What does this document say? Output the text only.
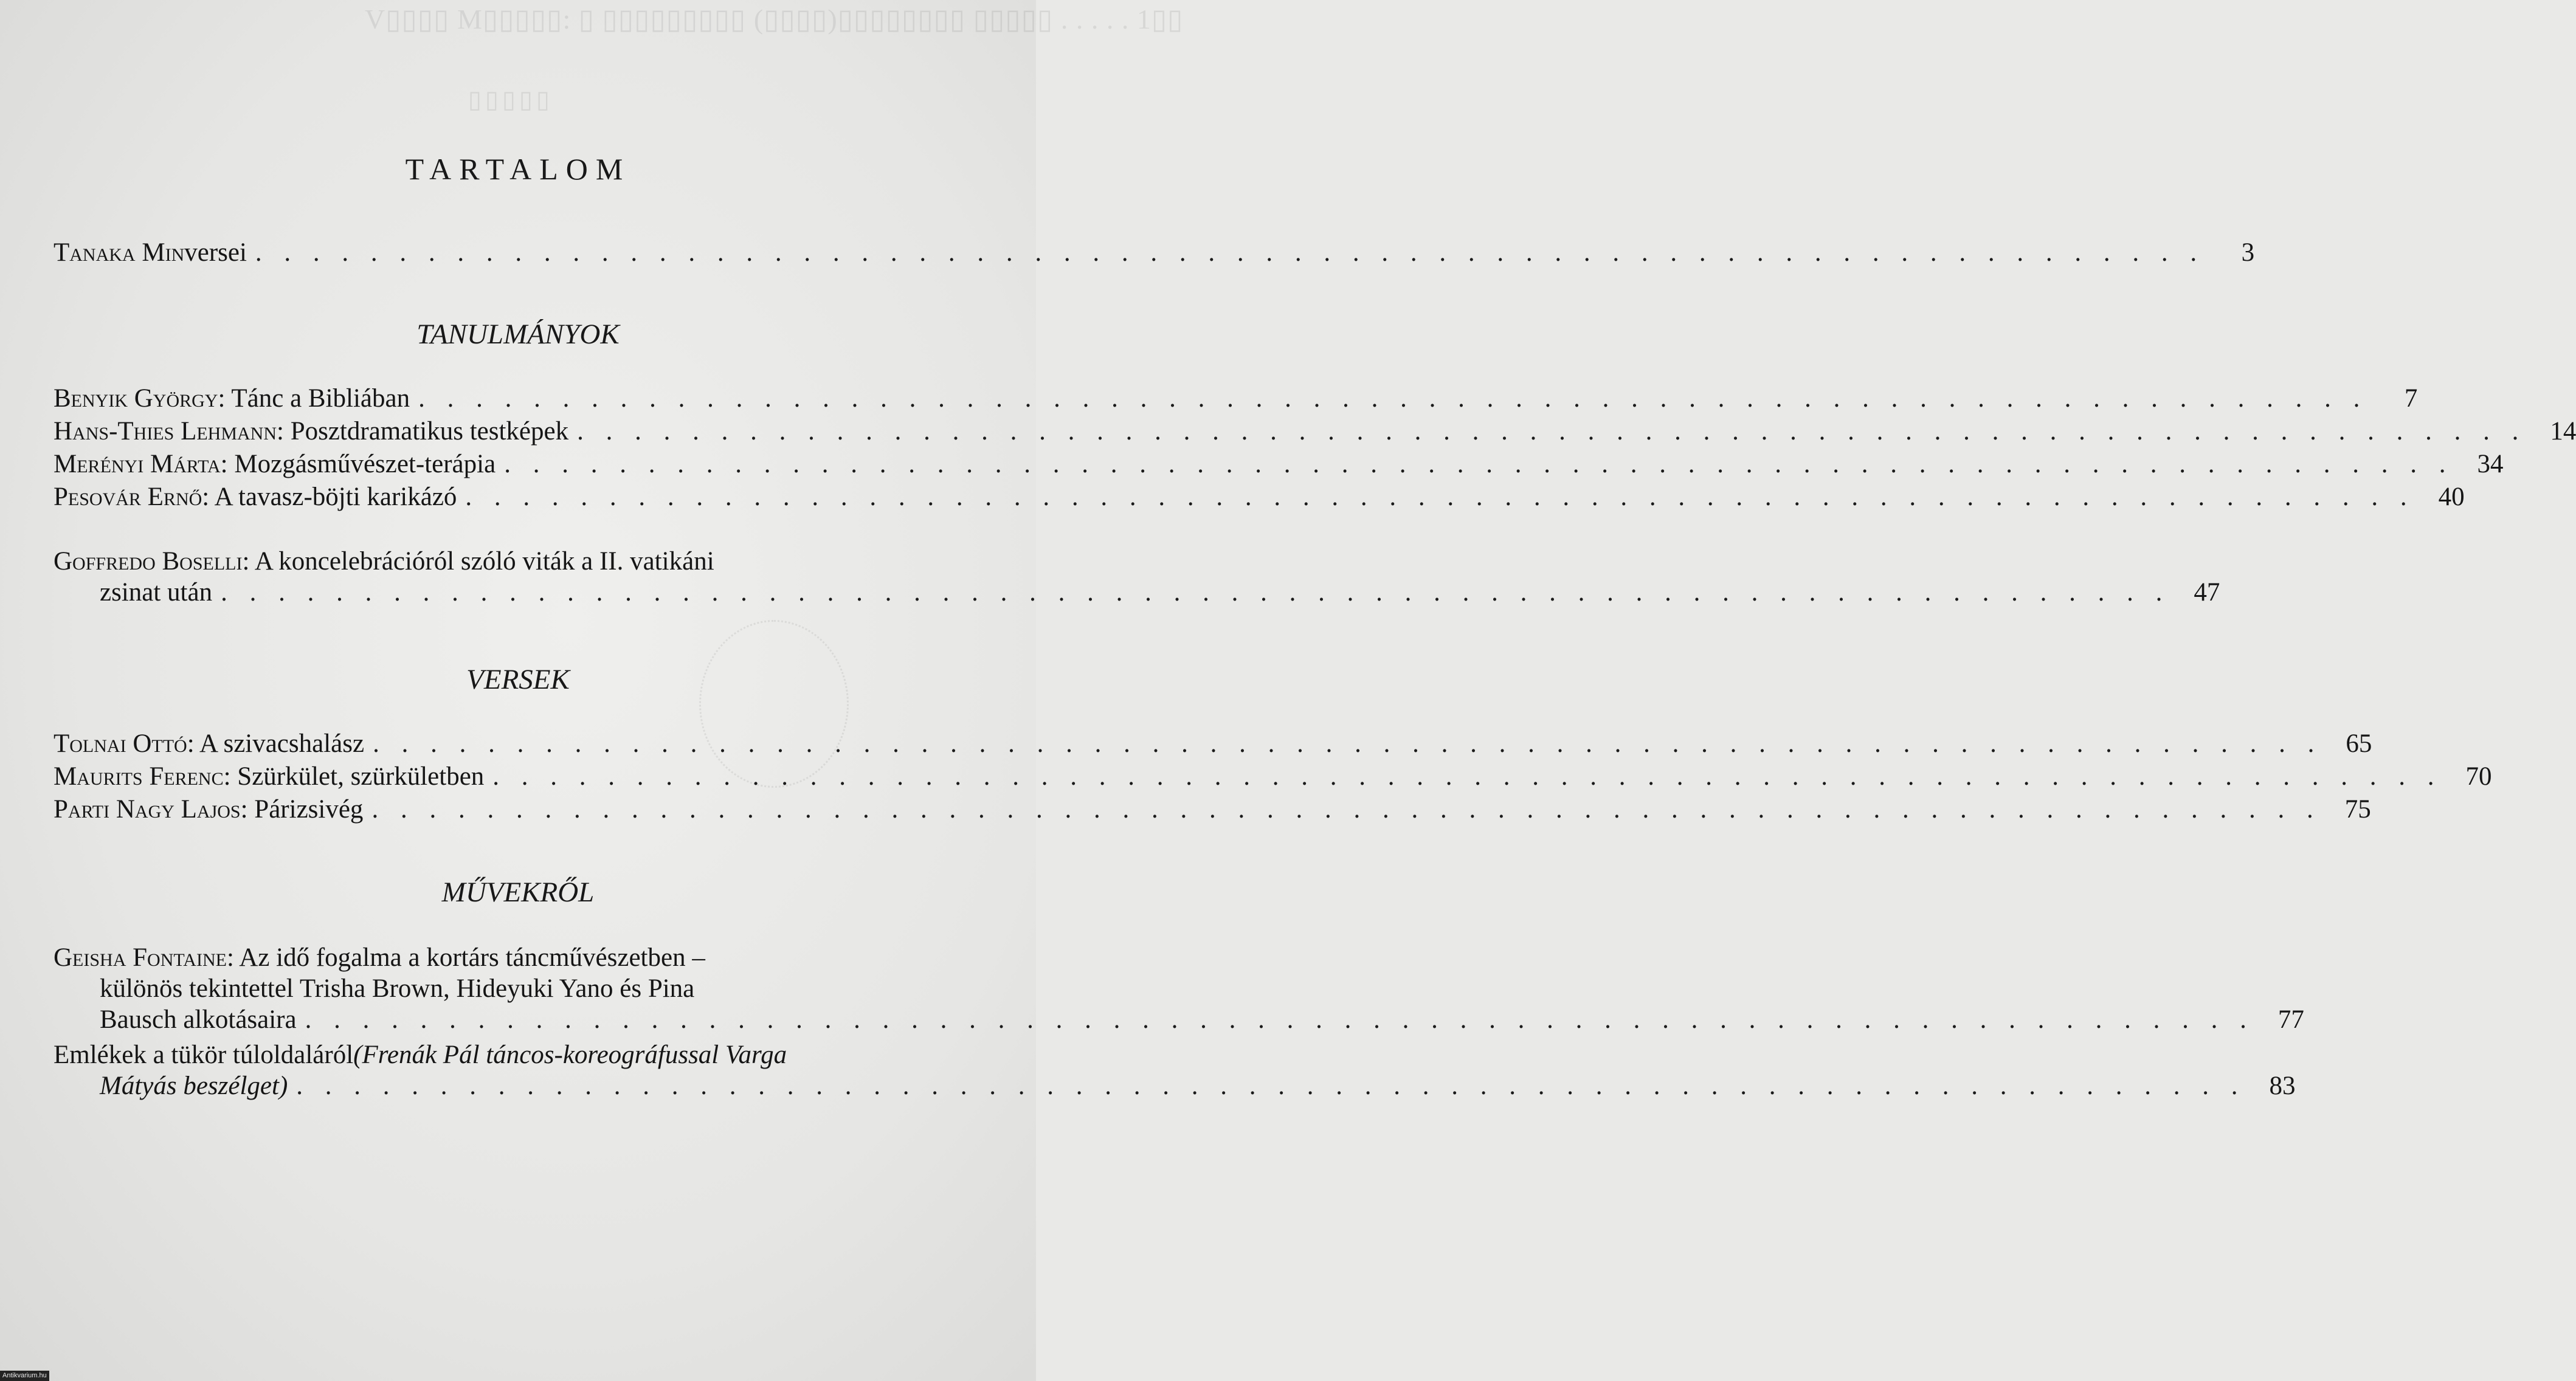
V▯▯▯▯ M▯▯▯▯▯: ▯ ▯▯▯▯▯▯▯▯▯ (▯▯▯▯)▯▯▯▯▯▯▯▯ ▯▯▯▯▯ . . . . . 1▯▯
▯▯▯▯▯
TARTALOM
Tanaka Min versei . . . . . . . . . . . . . . . . . . . . . . . . . . . . . . . . . . . . . . . . . . . . . . . . . . . . . . . . . . . . . . . . . . . .	3
TANULMÁNYOK
Benyik György : Tánc a Bibliában . . . . . . . . . . . . . . . . . . . . . . . . . . . . . . . . . . . . . . . . . . . . . . . . . . . . . . . . . . . . . . . . . . . .	7
Hans-Thies Lehmann : Posztdramatikus testképek . . . . . . . . . . . . . . . . . . . . . . . . . . . . . . . . . . . . . . . . . . . . . . . . . . . . . . . . . . . . . . . . . . . . 14
Merényi Márta : Mozgásművészet-terápia . . . . . . . . . . . . . . . . . . . . . . . . . . . . . . . . . . . . . . . . . . . . . . . . . . . . . . . . . . . . . . . . . . . . 34
Pesovár Ernő : A tavasz-böjti karikázó . . . . . . . . . . . . . . . . . . . . . . . . . . . . . . . . . . . . . . . . . . . . . . . . . . . . . . . . . . . . . . . . . . . . 40
Goffredo Boselli : A koncelebrációról szóló viták a II. vatikáni
zsinat után . . . . . . . . . . . . . . . . . . . . . . . . . . . . . . . . . . . . . . . . . . . . . . . . . . . . . . . . . . . . . . . . . . . . 47
VERSEK
Tolnai Ottó : A szivacshalász . . . . . . . . . . . . . . . . . . . . . . . . . . . . . . . . . . . . . . . . . . . . . . . . . . . . . . . . . . . . . . . . . . . . 65
Maurits Ferenc : Szürkület, szürkületben . . . . . . . . . . . . . . . . . . . . . . . . . . . . . . . . . . . . . . . . . . . . . . . . . . . . . . . . . . . . . . . . . . . . 70
Parti Nagy Lajos : Párizsivég . . . . . . . . . . . . . . . . . . . . . . . . . . . . . . . . . . . . . . . . . . . . . . . . . . . . . . . . . . . . . . . . . . . . 75
MŰVEKRŐL
Geisha Fontaine : Az idő fogalma a kortárs táncművészetben –
különös tekintettel Trisha Brown, Hideyuki Yano és Pina
Bausch alkotásaira . . . . . . . . . . . . . . . . . . . . . . . . . . . . . . . . . . . . . . . . . . . . . . . . . . . . . . . . . . . . . . . . . . . . 77
Emlékek a tükör túloldaláról (Frenák Pál táncos-koreográfussal Varga
Mátyás beszélget) . . . . . . . . . . . . . . . . . . . . . . . . . . . . . . . . . . . . . . . . . . . . . . . . . . . . . . . . . . . . . . . . . . . . 83
Antikvarium.hu
